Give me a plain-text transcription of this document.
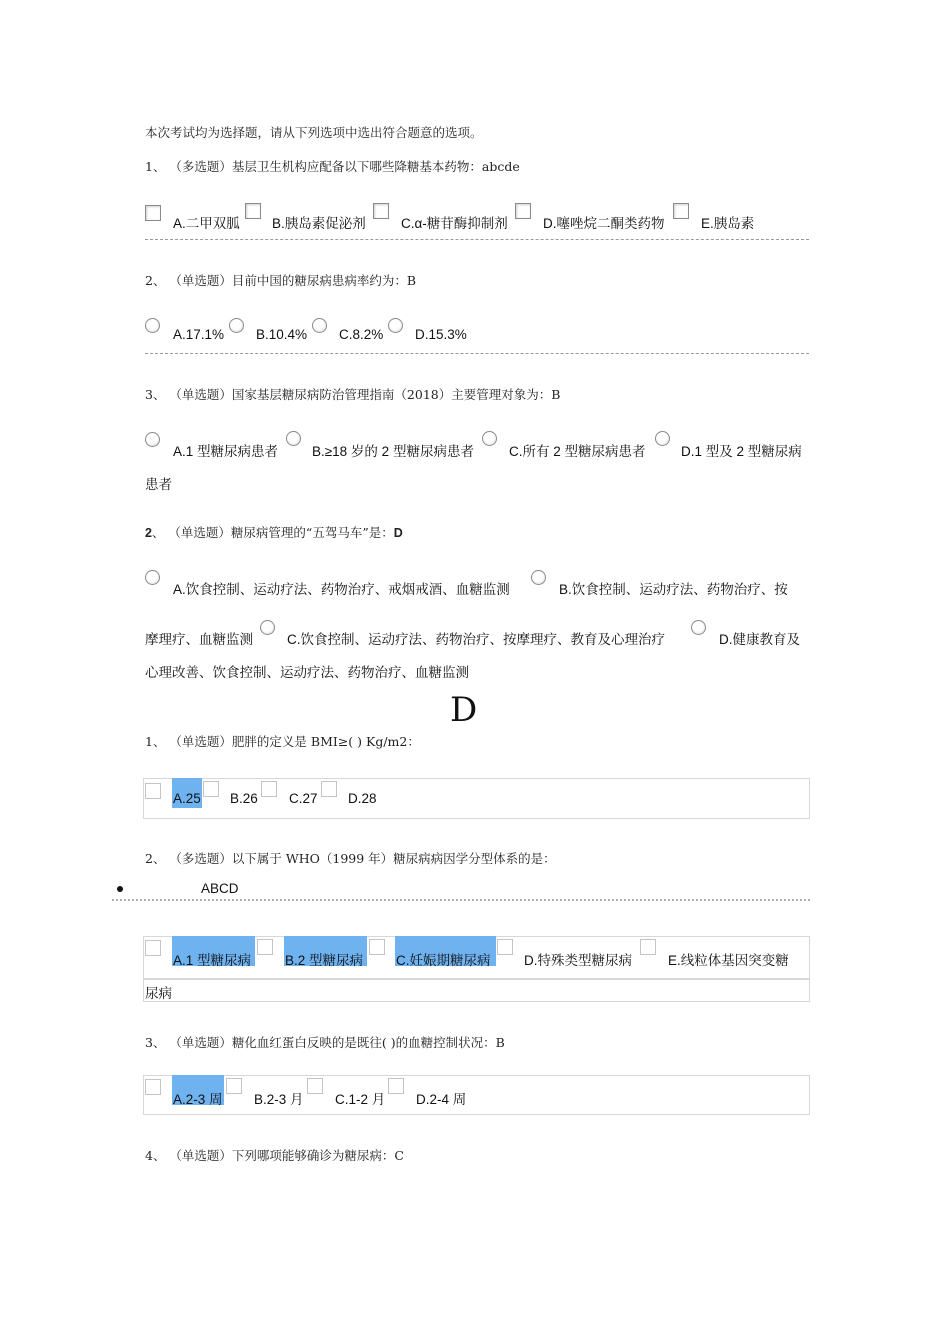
本次考试均为选择题，请从下列选项中选出符合题意的选项。
1、 （多选题）基层卫生机构应配备以下哪些降糖基本药物：abcde
A.二甲双胍 B.胰岛素促泌剂	C.α-糖苷酶抑制剂	D.噻唑烷二酮类药物	E.胰岛素
2、 （单选题）目前中国的糖尿病患病率约为：B
A.17.1% B.10.4% C.8.2% D.15.3%
3、 （单选题）国家基层糖尿病防治管理指南（2018）主要管理对象为：B
A.1 型糖尿病患者	B.≥18 岁的 2 型糖尿病患者	C.所有 2 型糖尿病患者	D.1 型及 2 型糖尿病
患者
2、 （单选题）糖尿病管理的“五驾马车”是：D
A.饮食控制、运动疗法、药物治疗、戒烟戒酒、血糖监测	B.饮食控制、运动疗法、药物治疗、按
摩理疗、血糖监测	C.饮食控制、运动疗法、药物治疗、按摩理疗、教育及心理治疗	D.健康教育及
心理改善、饮食控制、运动疗法、药物治疗、血糖监测
D
1、 （单选题）肥胖的定义是 BMI≥( ) Kg/m2：
A.25 B.26 C.27 D.28
2、 （多选题）以下属于 WHO（1999 年）糖尿病病因学分型体系的是：
ABCD
A.1 型糖尿病	B.2 型糖尿病 C.妊娠期糖尿病 D.特殊类型糖尿病	E.线粒体基因突变糖
尿病
3、 （单选题）糖化血红蛋白反映的是既往( )的血糖控制状况：B
A.2-3 周 B.2-3 月 C.1-2 月 D.2-4 周
4、 （单选题）下列哪项能够确诊为糖尿病：C
